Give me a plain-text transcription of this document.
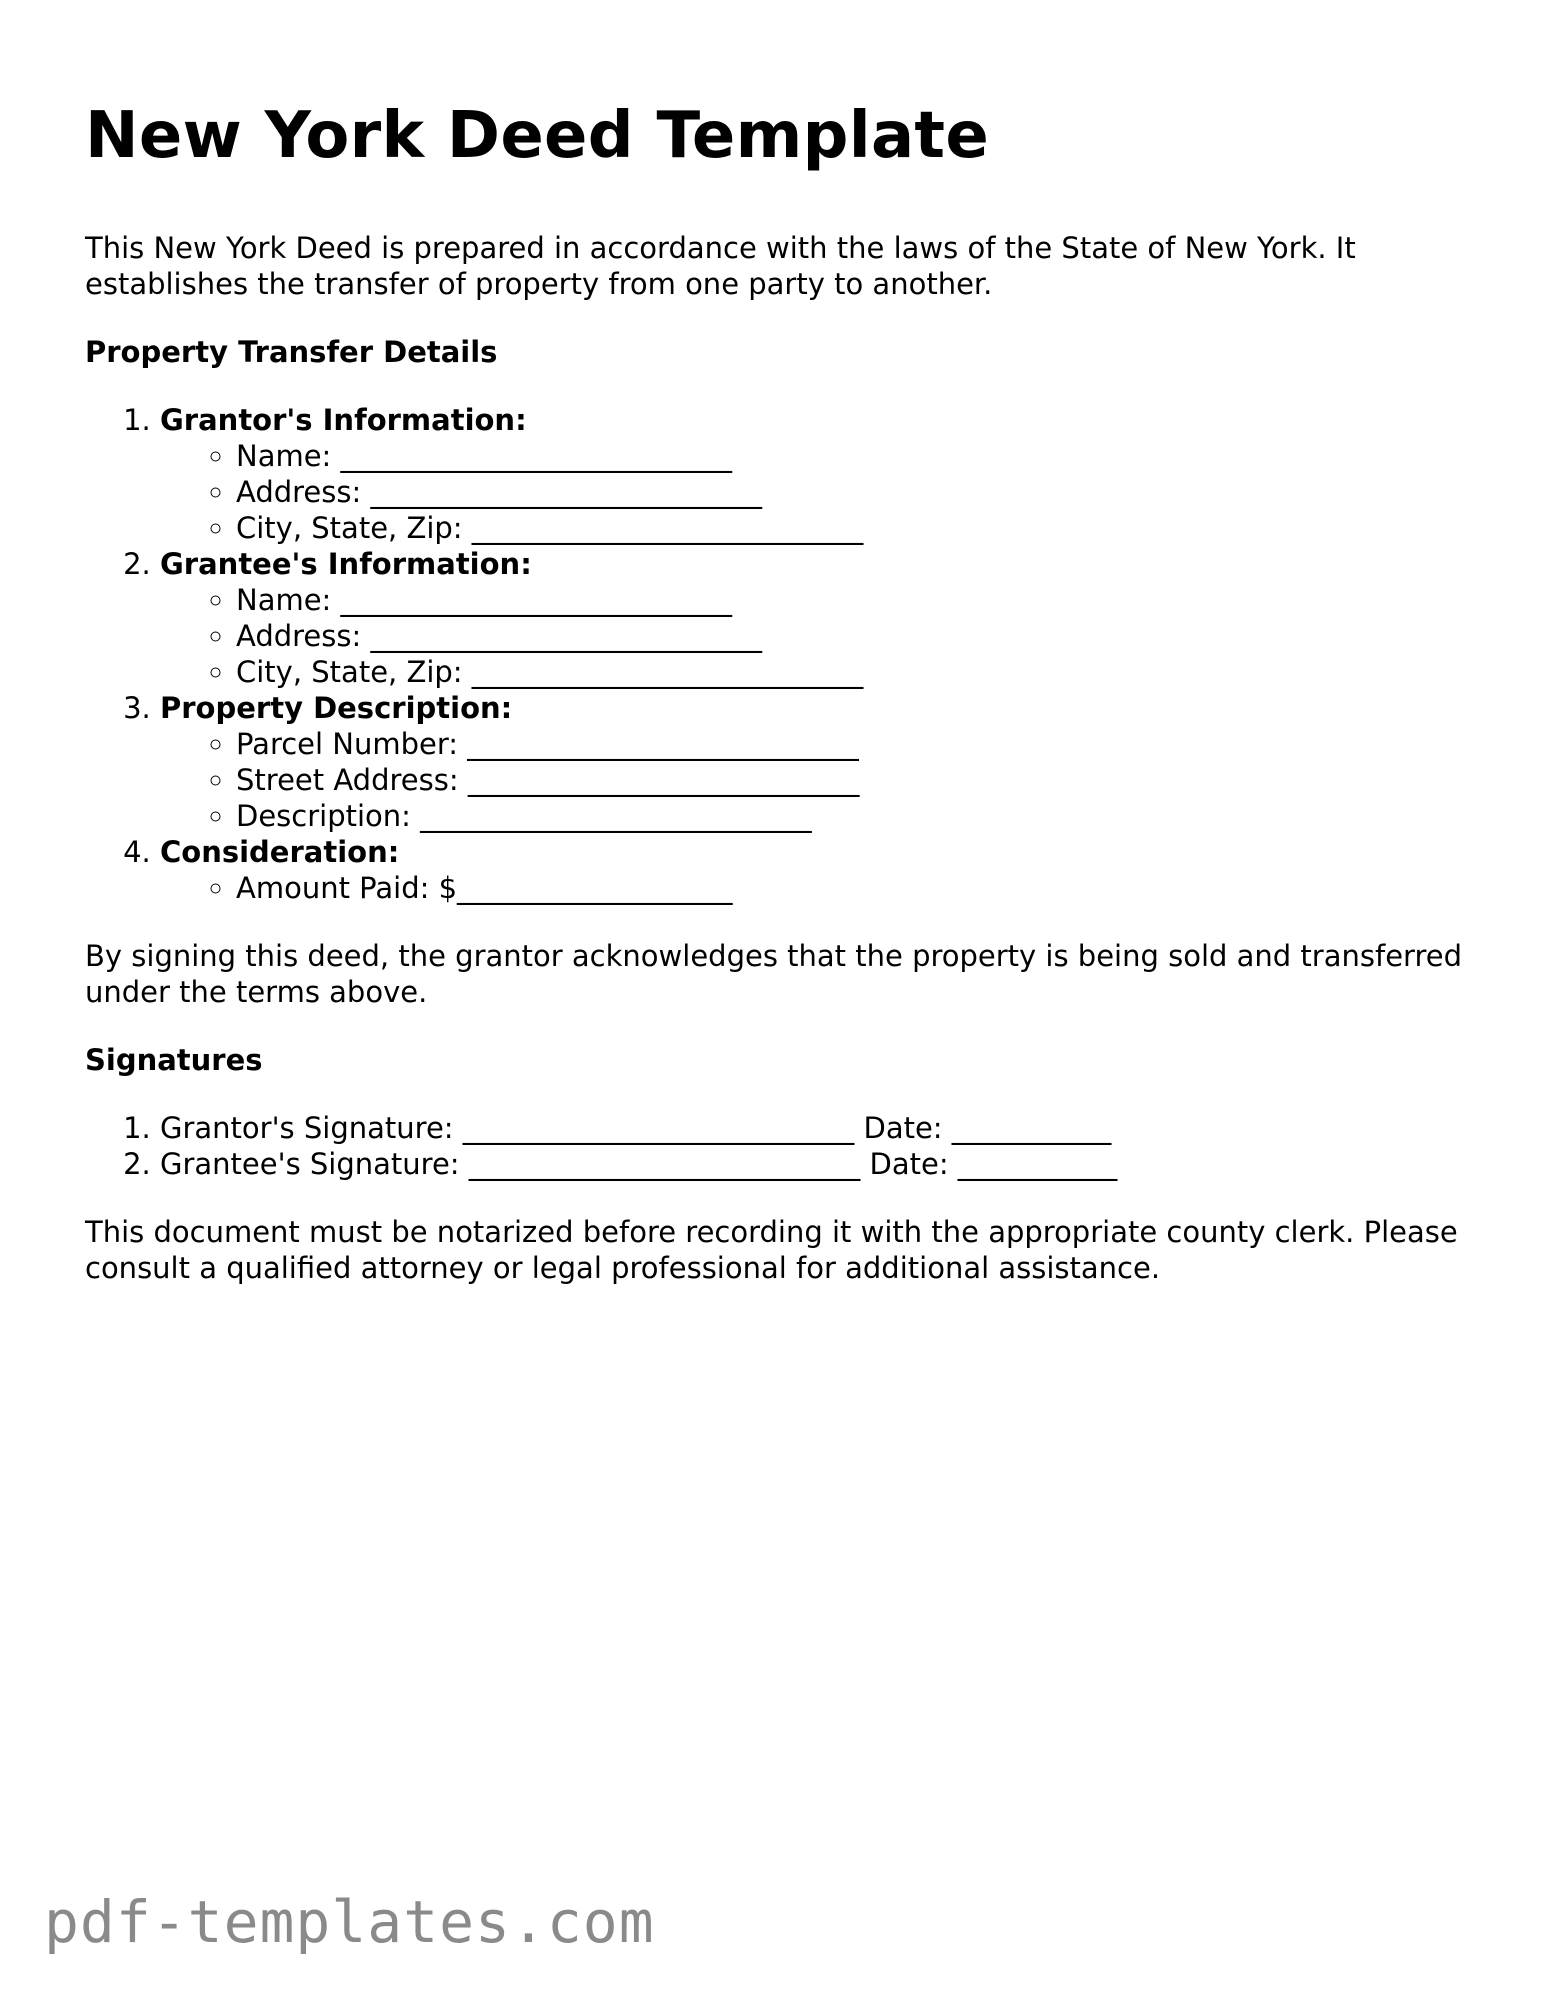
New York Deed Template

This New York Deed is prepared in accordance with the laws of the State of New York. It establishes the transfer of property from one party to another.

Property Transfer Details

1. Grantor's Information:
◦ Name: ___________________________
◦ Address: ___________________________
◦ City, State, Zip: ___________________________
2. Grantee's Information:
◦ Name: ___________________________
◦ Address: ___________________________
◦ City, State, Zip: ___________________________
3. Property Description:
◦ Parcel Number: ___________________________
◦ Street Address: ___________________________
◦ Description: ___________________________
4. Consideration:
◦ Amount Paid: $___________________

By signing this deed, the grantor acknowledges that the property is being sold and transferred under the terms above.

Signatures

1. Grantor's Signature: ___________________________ Date: ___________
2. Grantee's Signature: ___________________________ Date: ___________

This document must be notarized before recording it with the appropriate county clerk. Please consult a qualified attorney or legal professional for additional assistance.

pdf-templates.com
